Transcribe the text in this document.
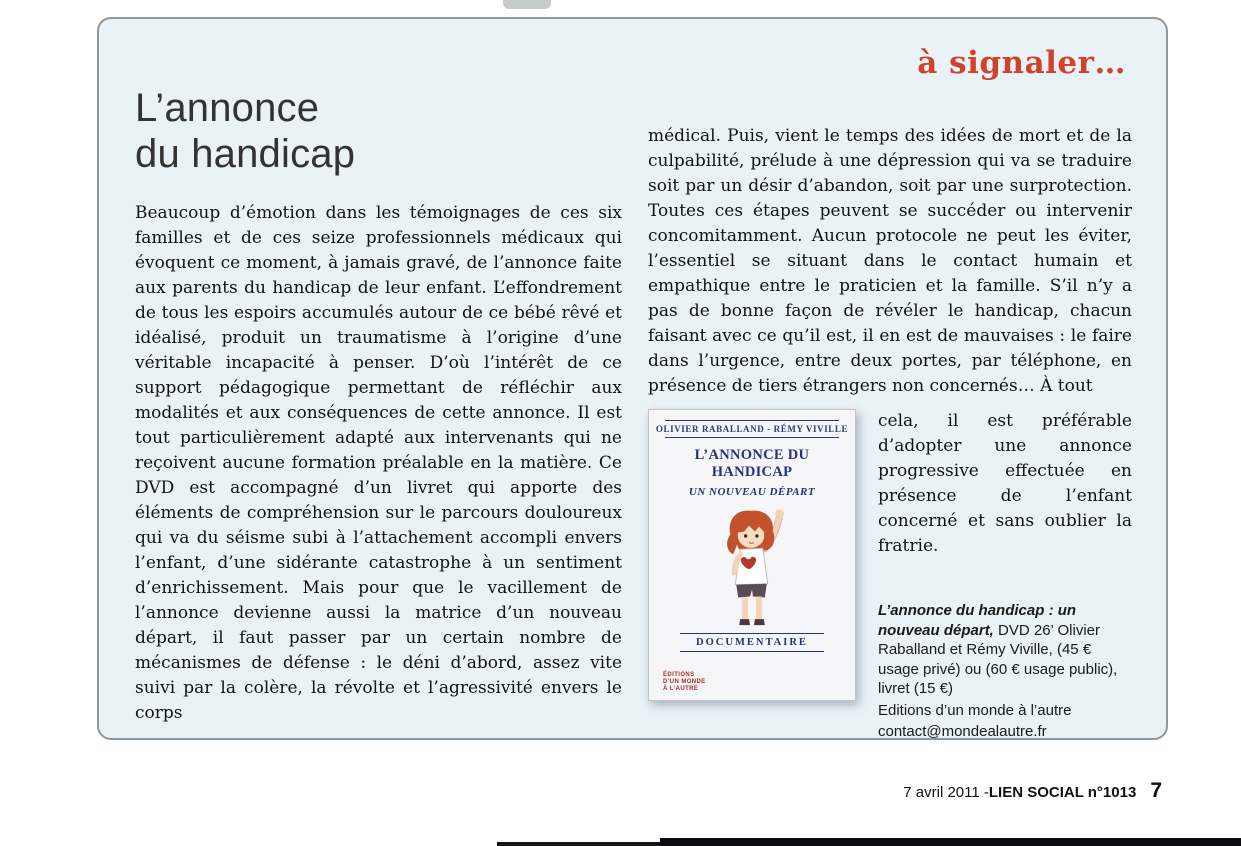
à signaler…
L’annonce
du handicap

Beaucoup d’émotion dans les témoignages de ces six familles et de ces seize professionnels médicaux qui évoquent ce moment, à jamais gravé, de l’annonce faite aux parents du handicap de leur enfant. L’effondrement de tous les espoirs accumulés autour de ce bébé rêvé et idéalisé, produit un traumatisme à l’origine d’une véritable incapacité à penser. D’où l’intérêt de ce support pédagogique permettant de réfléchir aux modalités et aux conséquences de cette annonce. Il est tout particulièrement adapté aux intervenants qui ne reçoivent aucune formation préalable en la matière. Ce DVD est accompagné d’un livret qui apporte des éléments de compréhension sur le parcours douloureux qui va du séisme subi à l’attachement accompli envers l’enfant, d’une sidérante catastrophe à un sentiment d’enrichissement. Mais pour que le vacillement de l’annonce devienne aussi la matrice d’un nouveau départ, il faut passer par un certain nombre de mécanismes de défense : le déni d’abord, assez vite suivi par la colère, la révolte et l’agressivité envers le corps

médical. Puis, vient le temps des idées de mort et de la culpabilité, prélude à une dépression qui va se traduire soit par un désir d’abandon, soit par une surprotection. Toutes ces étapes peuvent se succéder ou intervenir concomitamment. Aucun protocole ne peut les éviter, l’essentiel se situant dans le contact humain et empathique entre le praticien et la famille. S’il n’y a pas de bonne façon de révéler le handicap, chacun faisant avec ce qu’il est, il en est de mauvaises : le faire dans l’urgence, entre deux portes, par téléphone, en présence de tiers étrangers non concernés… À tout

OLIVIER RABALLAND - RÉMY VIVILLE
L’ANNONCE DU HANDICAP
UN NOUVEAU DÉPART
DOCUMENTAIRE
ÉDITIONS
D’UN MONDE
À L’AUTRE

cela, il est préférable d’adopter une annonce progressive effectuée en présence de l’enfant concerné et sans oublier la fratrie.

L’annonce du handicap : un nouveau départ, DVD 26’ Olivier Raballand et Rémy Viville, (45 € usage privé) ou (60 € usage public), livret (15 €)

Editions d’un monde à l’autre
contact@mondealautre.fr
7 avril 2011 - LIEN SOCIAL n°1013 7
